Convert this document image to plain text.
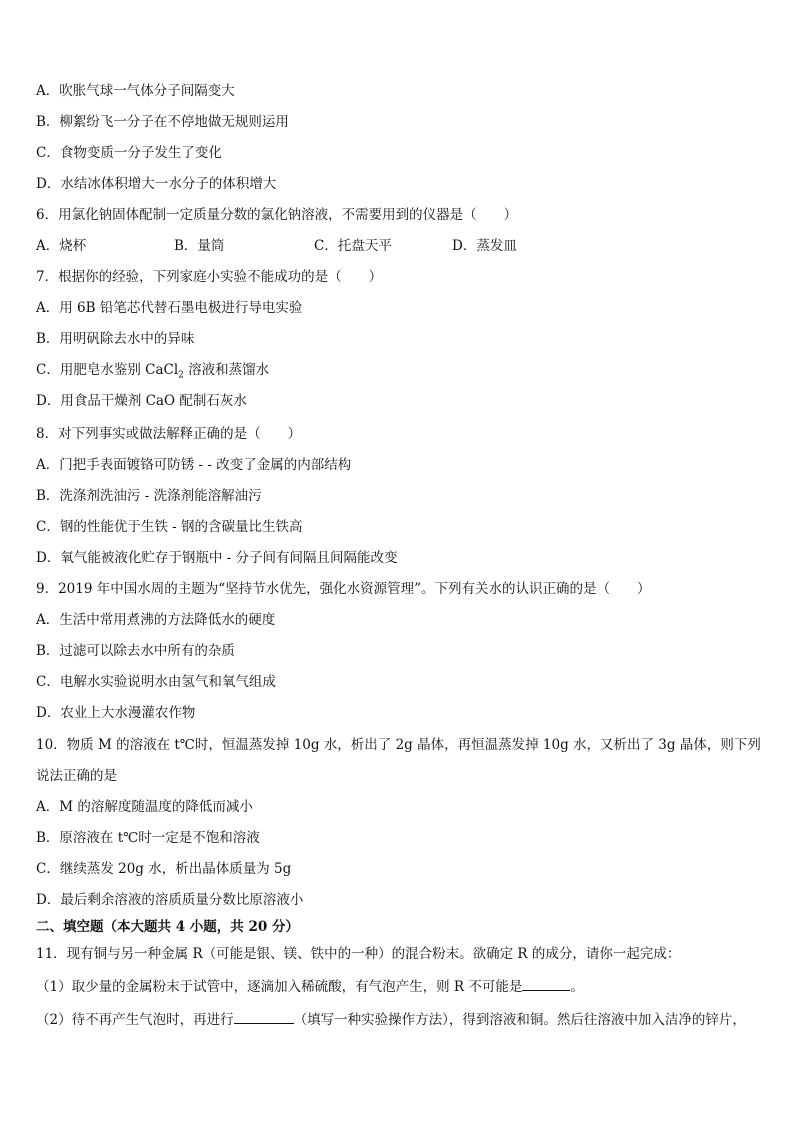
A．吹胀气球一气体分子间隔变大
B．柳絮纷飞一分子在不停地做无规则运用
C．食物变质一分子发生了变化
D．水结冰体积增大一水分子的体积增大
6．用氯化钠固体配制一定质量分数的氯化钠溶液，不需要用到的仪器是（　　）
A．烧杯	B．量筒	C．托盘天平	D．蒸发皿
7．根据你的经验，下列家庭小实验不能成功的是（　　）
A．用 6B 铅笔芯代替石墨电极进行导电实验
B．用明矾除去水中的异味
C．用肥皂水鉴别 CaCl$_2$ 溶液和蒸馏水
D．用食品干燥剂 CaO 配制石灰水
8．对下列事实或做法解释正确的是（　　）
A．门把手表面镀铬可防锈 - - 改变了金属的内部结构
B．洗涤剂洗油污 - 洗涤剂能溶解油污
C．钢的性能优于生铁 - 钢的含碳量比生铁高
D．氧气能被液化贮存于钢瓶中 - 分子间有间隔且间隔能改变
9．2019 年中国水周的主题为“坚持节水优先，强化水资源管理”。下列有关水的认识正确的是（　　）
A．生活中常用煮沸的方法降低水的硬度
B．过滤可以除去水中所有的杂质
C．电解水实验说明水由氢气和氧气组成
D．农业上大水漫灌农作物
10．物质 M 的溶液在 t℃时，恒温蒸发掉 10g 水，析出了 2g 晶体，再恒温蒸发掉 10g 水，又析出了 3g 晶体，则下列
说法正确的是
A．M 的溶解度随温度的降低而减小
B．原溶液在 t℃时一定是不饱和溶液
C．继续蒸发 20g 水，析出晶体质量为 5g
D．最后剩余溶液的溶质质量分数比原溶液小
二、填空题（本大题共 4 小题，共 20 分）
11．现有铜与另一种金属 R（可能是银、镁、铁中的一种）的混合粉末。欲确定 R 的成分，请你一起完成：
（1）取少量的金属粉末于试管中，逐滴加入稀硫酸，有气泡产生，则 R 不可能是	。
（2）待不再产生气泡时，再进行	（填写一种实验操作方法），得到溶液和铜。然后往溶液中加入洁净的锌片，
